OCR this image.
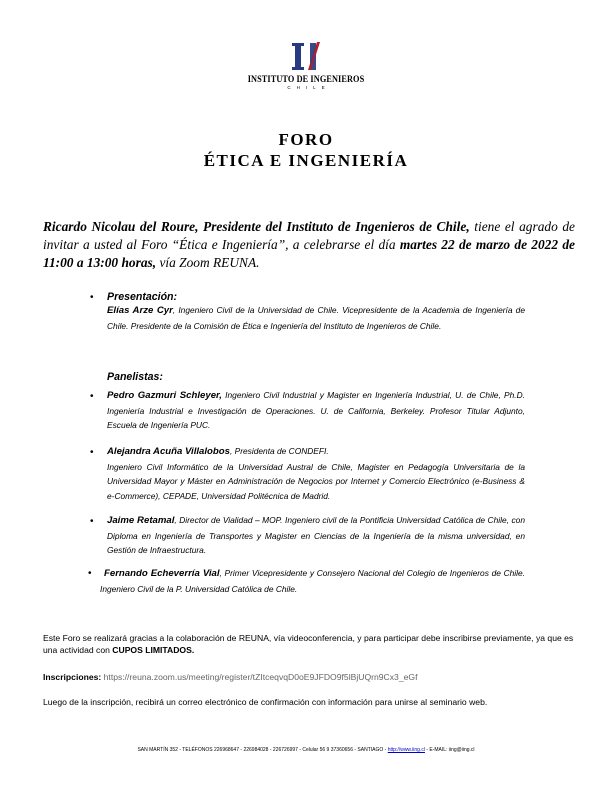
INSTITUTO DE INGENIEROS
CHILE
FORO
ÉTICA E INGENIERÍA
Ricardo Nicolau del Roure, Presidente del Instituto de Ingenieros de Chile, tiene el agrado de invitar a usted al Foro “Ética e Ingeniería”, a celebrarse el día martes 22 de marzo de 2022 de 11:00 a 13:00 horas, vía Zoom REUNA.
• Presentación:
Elías Arze Cyr, Ingeniero Civil de la Universidad de Chile. Vicepresidente de la Academia de Ingeniería de Chile. Presidente de la Comisión de Ética e Ingeniería del Instituto de Ingenieros de Chile.
Panelistas:
• Pedro Gazmuri Schleyer, Ingeniero Civil Industrial y Magister en Ingeniería Industrial, U. de Chile, Ph.D. Ingeniería Industrial e Investigación de Operaciones. U. de California, Berkeley. Profesor Titular Adjunto, Escuela de Ingeniería PUC.
• Alejandra Acuña Villalobos, Presidenta de CONDEFI.
Ingeniero Civil Informático de la Universidad Austral de Chile, Magister en Pedagogía Universitaria de la Universidad Mayor y Máster en Administración de Negocios por Internet y Comercio Electrónico (e-Business & e-Commerce), CEPADE, Universidad Politécnica de Madrid.
• Jaime Retamal, Director de Vialidad – MOP. Ingeniero civil de la Pontificia Universidad Católica de Chile, con Diploma en Ingeniería de Transportes y Magister en Ciencias de la Ingeniería de la misma universidad, en Gestión de Infraestructura.
•	Fernando Echeverría Vial, Primer Vicepresidente y Consejero Nacional del Colegio de Ingenieros de Chile. Ingeniero Civil de la P. Universidad Católica de Chile.
Este Foro se realizará gracias a la colaboración de REUNA, vía videoconferencia, y para participar debe inscribirse previamente, ya que es una actividad con CUPOS LIMITADOS.
Inscripciones: https://reuna.zoom.us/meeting/register/tZItceqvqD0oE9JFDO9f5lBjUQrn9Cx3_eGf
Luego de la inscripción, recibirá un correo electrónico de confirmación con información para unirse al seminario web.
SAN MARTÍN 352 - TELÉFONOS 226968647 - 226984028 - 226726997 - Celular 56 9 37360656 - SANTIAGO - http://www.iing.cl - E-MAIL: iing@iing.cl
